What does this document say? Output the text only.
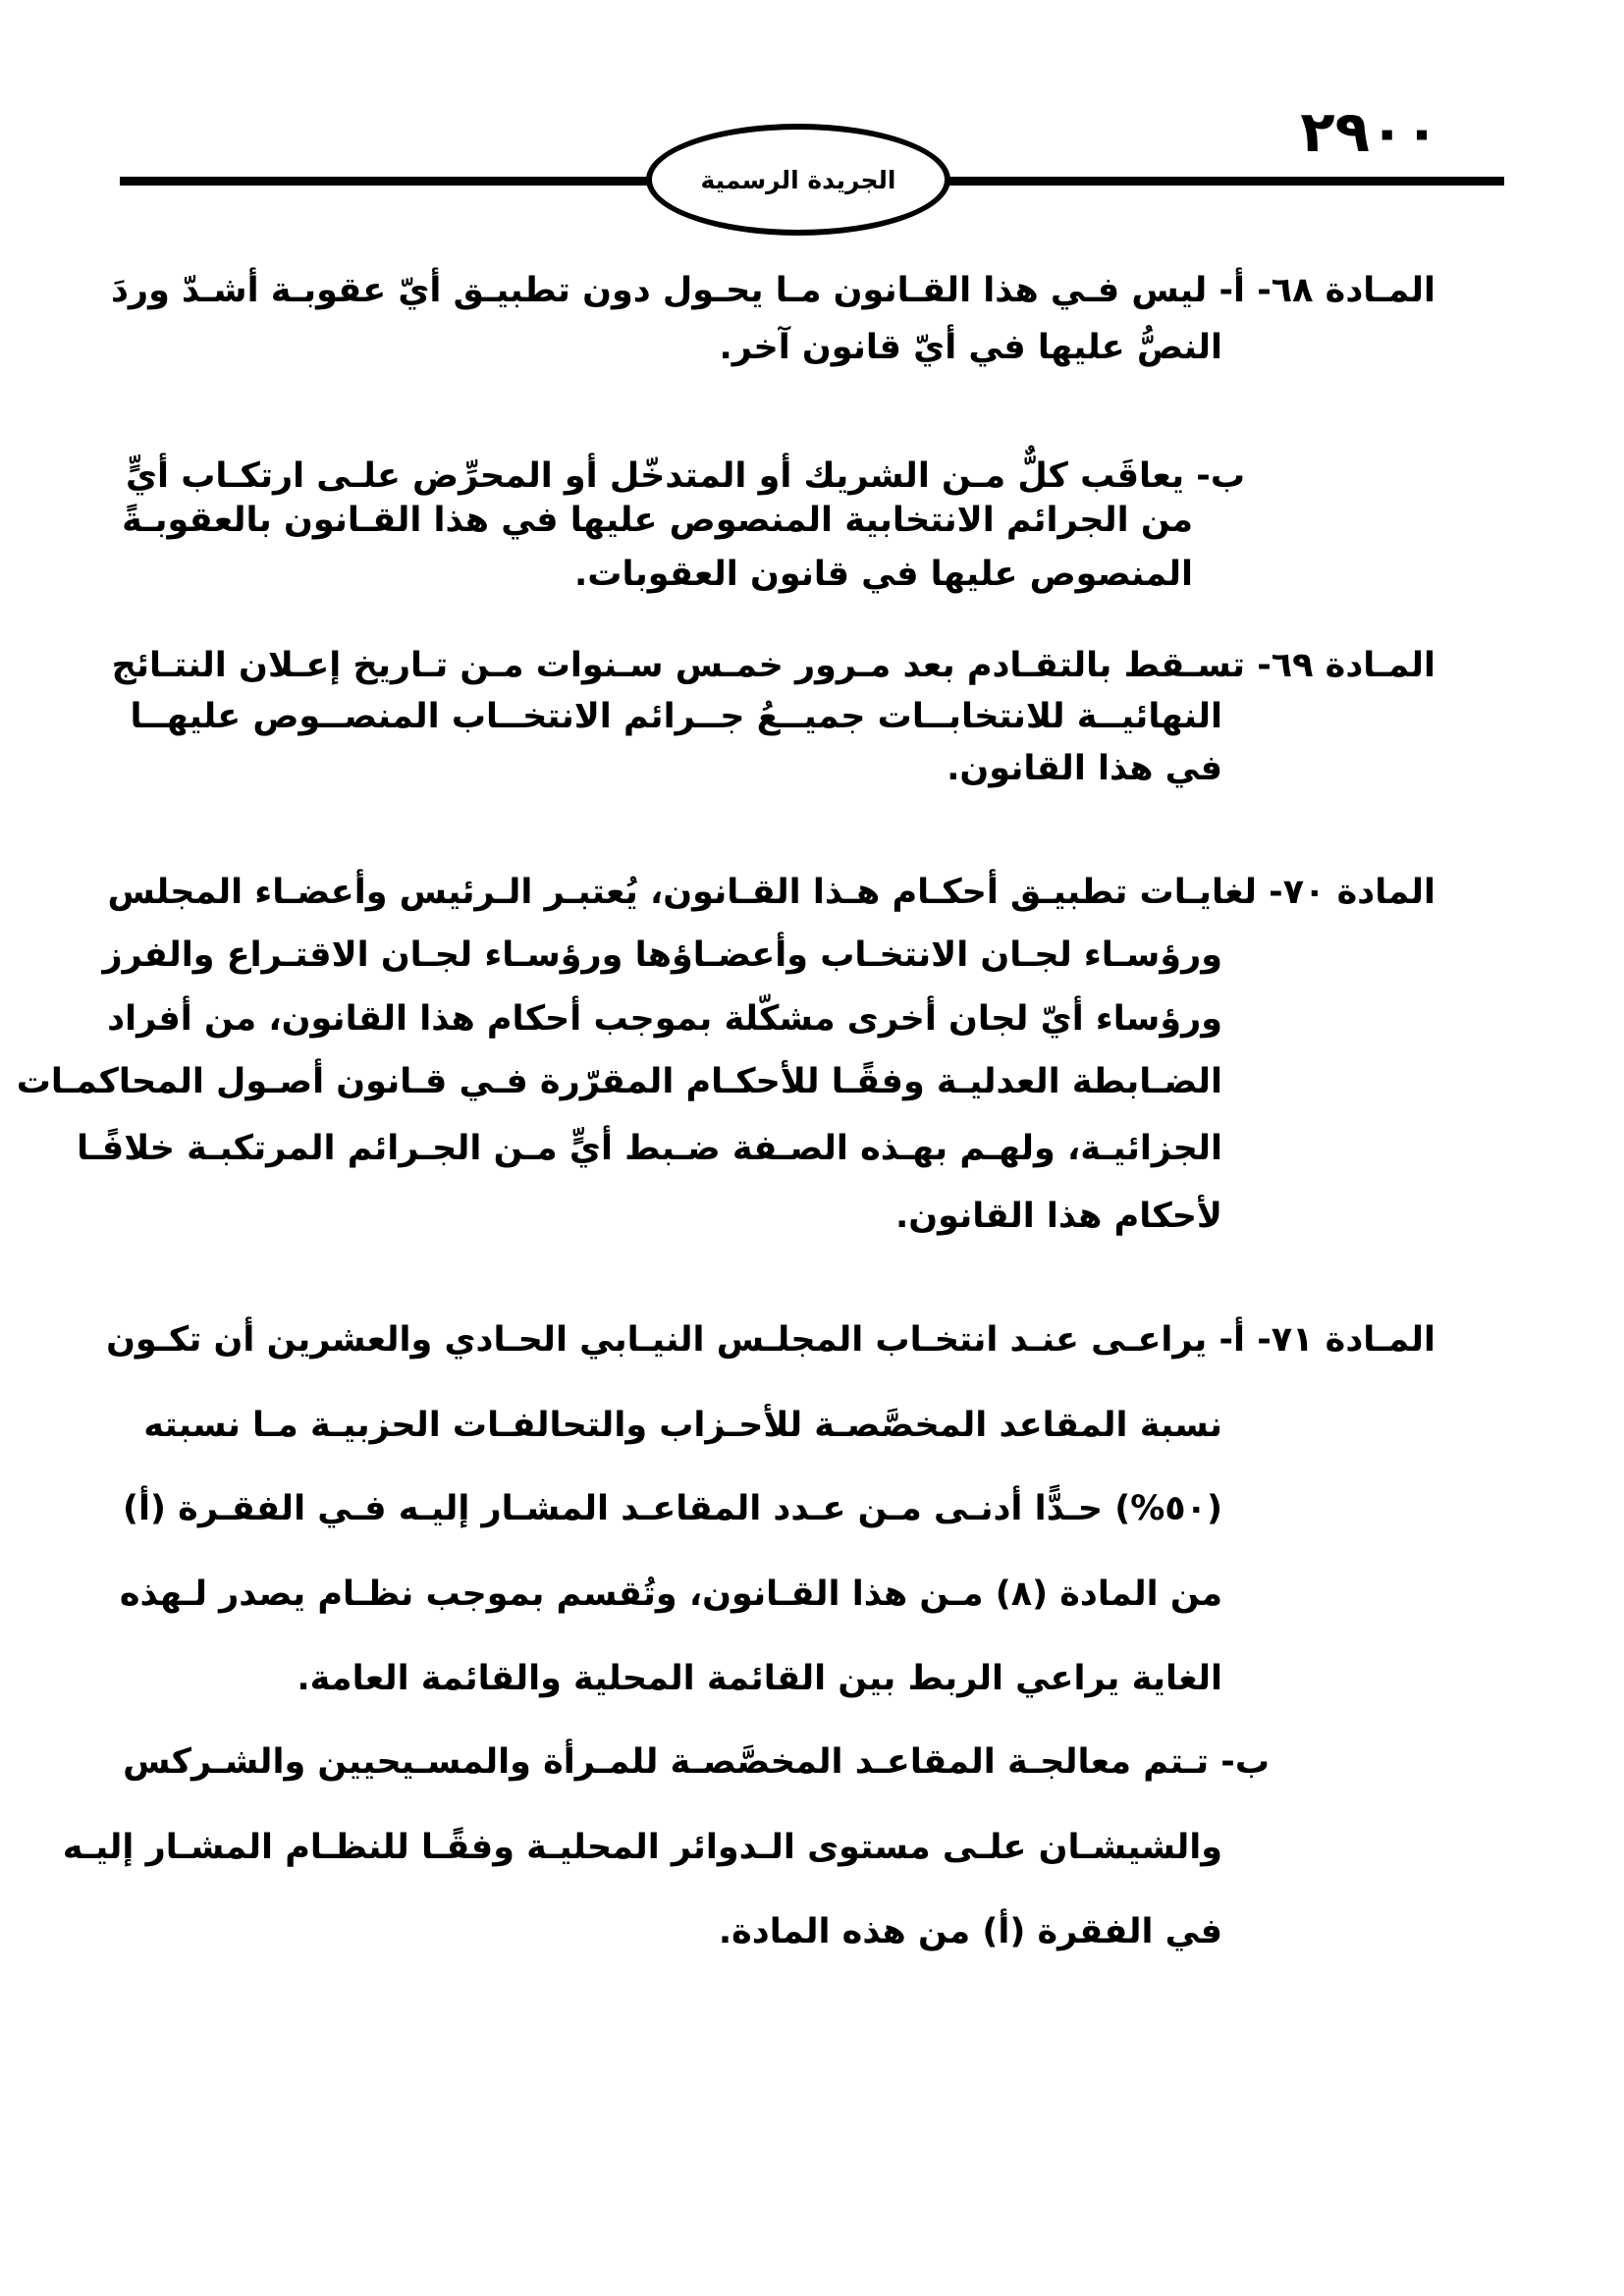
٢٩٠٠
الجريدة الرسمية
المـادة ٦٨- أ- ليس فـي هذا القـانون مـا يحـول دون تطبيـق أيّ عقوبـة أشـدّ وردَ
النصُّ عليها في أيّ قانون آخر.
ب- يعاقَب كلٌّ مـن الشريك أو المتدخّل أو المحرِّض علـى ارتكـاب أيٍّ
من الجرائم الانتخابية المنصوص عليها في هذا القـانون بالعقوبـةً
المنصوص عليها في قانون العقوبات.
المـادة ٦٩- تسـقط بالتقـادم بعد مـرور خمـس سـنوات مـن تـاريخ إعـلان النتـائج
النهائيــة للانتخابــات جميــعُ جــرائم الانتخــاب المنصــوص عليهــا
في هذا القانون.
المادة ٧٠- لغايـات تطبيـق أحكـام هـذا القـانون، يُعتبـر الـرئيس وأعضـاء المجلس
ورؤسـاء لجـان الانتخـاب وأعضـاؤها ورؤسـاء لجـان الاقتـراع والفرز
ورؤساء أيّ لجان أخرى مشكّلة بموجب أحكام هذا القانون، من أفراد
الضـابطة العدليـة وفقًـا للأحكـام المقرّرة فـي قـانون أصـول المحاكمـات
الجزائيـة، ولهـم بهـذه الصـفة ضـبط أيٍّ مـن الجـرائم المرتكبـة خلافًـا
لأحكام هذا القانون.
المـادة ٧١- أ- يراعـى عنـد انتخـاب المجلـس النيـابي الحـادي والعشرين أن تكـون
نسبة المقاعد المخصَّصـة للأحـزاب والتحالفـات الحزبيـة مـا نسبته
(٥٠%) حـدًّا أدنـى مـن عـدد المقاعـد المشـار إليـه فـي الفقـرة (أ)
من المادة (٨) مـن هذا القـانون، وتُقسم بموجب نظـام يصدر لـهذه
الغاية يراعي الربط بين القائمة المحلية والقائمة العامة.
ب- تـتم معالجـة المقاعـد المخصَّصـة للمـرأة والمسـيحيين والشـركس
والشيشـان علـى مستوى الـدوائر المحليـة وفقًـا للنظـام المشـار إليـه
في الفقرة (أ) من هذه المادة.
